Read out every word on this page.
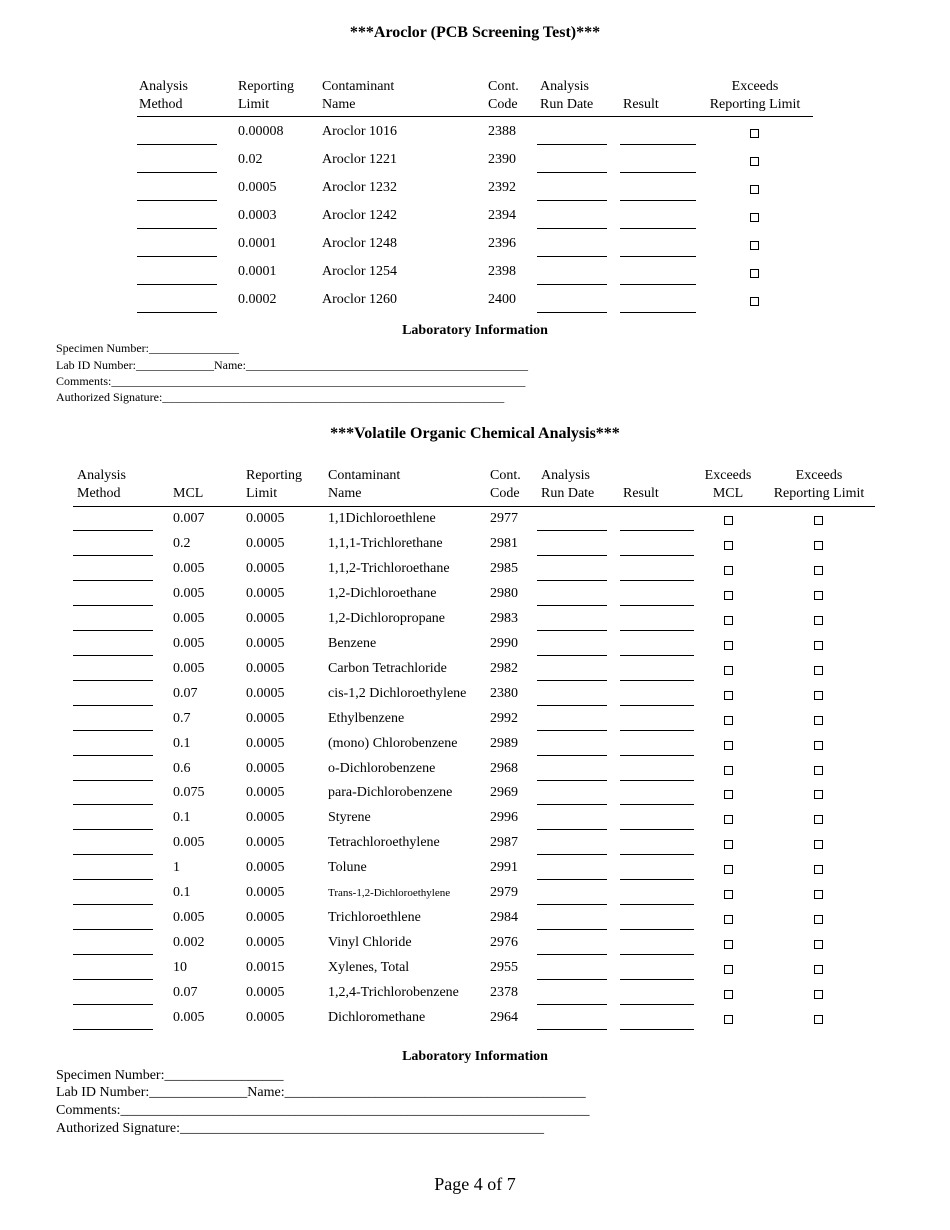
***Aroclor (PCB Screening Test)***
Analysis
Method
Reporting
Limit
Contaminant
Name
Cont.
Code
Analysis
Run Date Result
Exceeds
Reporting Limit
0.00008	Aroclor 1016	2388
0.02	Aroclor 1221	2390
0.0005	Aroclor 1232	2392
0.0003	Aroclor 1242	2394
0.0001	Aroclor 1248	2396
0.0001	Aroclor 1254	2398
0.0002	Aroclor 1260	2400
Laboratory Information
Specimen Number:_______________
Lab ID Number:_____________Name:_______________________________________________
Comments:_____________________________________________________________________
Authorized Signature:_________________________________________________________
***Volatile Organic Chemical Analysis***
Analysis
Method	MCL
Reporting
Limit
Contaminant
Name
Cont.
Code
Analysis
Run Date Result
Exceeds
MCL
Exceeds
Reporting Limit
0.007	0.0005	1,1Dichloroethlene	2977
0.2	0.0005	1,1,1-Trichlorethane	2981
0.005	0.0005	1,1,2-Trichloroethane	2985
0.005	0.0005	1,2-Dichloroethane	2980
0.005	0.0005	1,2-Dichloropropane	2983
0.005	0.0005	Benzene	2990
0.005	0.0005	Carbon Tetrachloride	2982
0.07	0.0005	cis-1,2 Dichloroethylene 2380
0.7	0.0005	Ethylbenzene	2992
0.1	0.0005	(mono) Chlorobenzene 2989
0.6	0.0005	o-Dichlorobenzene	2968
0.075	0.0005	para-Dichlorobenzene	2969
0.1	0.0005	Styrene	2996
0.005	0.0005	Tetrachloroethylene	2987
1	0.0005	Tolune	2991
0.1	0.0005	Trans-1,2-Dichloroethylene	2979
0.005	0.0005	Trichloroethlene	2984
0.002	0.0005	Vinyl Chloride	2976
10	0.0015	Xylenes, Total	2955
0.07	0.0005	1,2,4-Trichlorobenzene 2378
0.005	0.0005	Dichloromethane	2964
Laboratory Information
Specimen Number:_________________
Lab ID Number:______________Name:___________________________________________
Comments:___________________________________________________________________
Authorized Signature:____________________________________________________
Page 4 of 7
